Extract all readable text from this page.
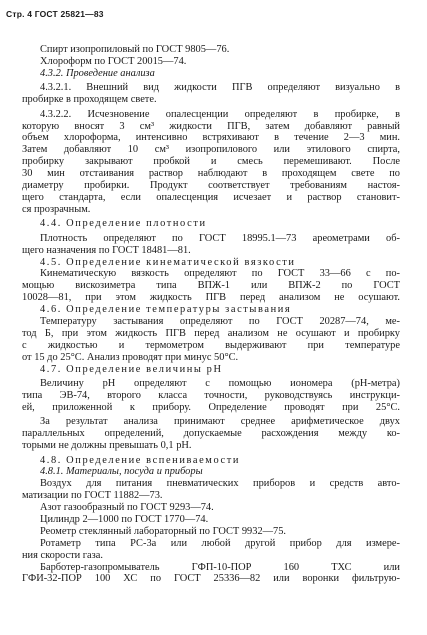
Стр. 4 ГОСТ 25821—83
Спирт изопропиловый по ГОСТ 9805—76.
Хлороформ по ГОСТ 20015—74.
4.3.2. Проведение анализа
4.3.2.1. Внешний вид жидкости ПГВ определяют визуально в
пробирке в проходящем свете.
4.3.2.2. Исчезновение опалесценции определяют в пробирке, в
которую вносят 3 см³ жидкости ПГВ, затем добавляют равный
объем хлороформа, интенсивно встряхивают в течение 2—3 мин.
Затем добавляют 10 см³ изопропилового или этилового спирта,
пробирку закрывают пробкой и смесь перемешивают. После
30 мин отстаивания раствор наблюдают в проходящем свете по
диаметру пробирки. Продукт соответствует требованиям настоя-
щего стандарта, если опалесценция исчезает и раствор становит-
ся прозрачным.
4.4. Определение плотности
Плотность определяют по ГОСТ 18995.1—73 ареометрами об-
щего назначения по ГОСТ 18481—81.
4.5. Определение кинематической вязкости
Кинематическую вязкость определяют по ГОСТ 33—66 с по-
мощью вискозиметра типа ВПЖ-1 или ВПЖ-2 по ГОСТ
10028—81, при этом жидкость ПГВ перед анализом не осушают.
4.6. Определение температуры застывания
Температуру застывания определяют по ГОСТ 20287—74, ме-
тод Б, при этом жидкость ПГВ перед анализом не осушают и пробирку
с жидкостью и термометром выдерживают при температуре
от 15 до 25°С. Анализ проводят при минус 50°С.
4.7. Определение величины pH
Величину pH определяют с помощью иономера (pH-метра)
типа ЭВ-74, второго класса точности, руководствуясь инструкци-
ей, приложенной к прибору. Определение проводят при 25°С.
За результат анализа принимают среднее арифметическое двух
параллельных определений, допускаемые расхождения между ко-
торыми не должны превышать 0,1 pH.
4.8. Определение вспениваемости
4.8.1. Материалы, посуда и приборы
Воздух для питания пневматических приборов и средств авто-
матизации по ГОСТ 11882—73.
Азот газообразный по ГОСТ 9293—74.
Цилиндр 2—1000 по ГОСТ 1770—74.
Реометр стеклянный лабораторный по ГОСТ 9932—75.
Ротаметр типа РС-3а или любой другой прибор для измере-
ния скорости газа.
Барботер-газопромыватель ГФП-10-ПОР 160 ТХС или
ГФИ-32-ПОР 100 ХС по ГОСТ 25336—82 или воронки фильтрую-
